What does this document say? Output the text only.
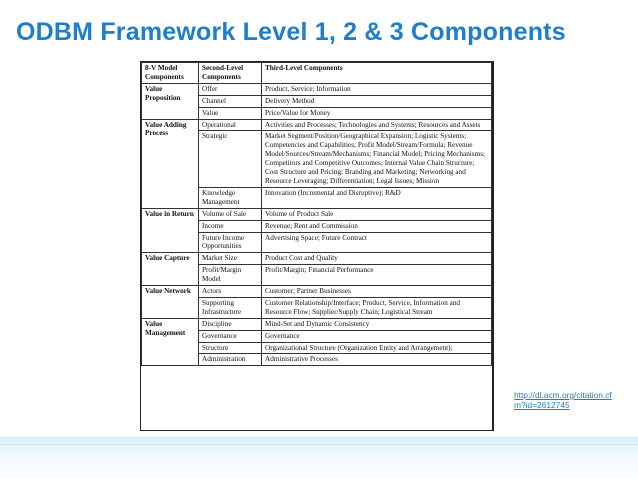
ODBM Framework Level 1, 2 & 3 Components
8-V Model Components	Second-Level Components	Third-Level Components
Value Proposition	Offer	Product, Service; Information
	Channel	Delivery Method
	Value	Price/Value for Money
Value Adding Process	Operational	Activities and Processes; Technologies and Systems; Resources and Assets
	Strategic	Market Segment/Position/Geographical Expansion; Logistic Systems; Competencies and Capabilities; Profit Model/Stream/Formula; Revenue Model/Sources/Stream/Mechanisms; Financial Model; Pricing Mechanisms; Competitors and Competitive Outcomes; Internal Value Chain Structure; Cost Structure and Pricing; Branding and Marketing; Networking and Resource Leveraging; Differentiation; Legal Issues; Mission
	Knowledge Management	Innovation (Incremental and Disruptive); R&D
Value in Return	Volume of Sale	Volume of Product Sale
	Income	Revenue; Rent and Commission
	Future Income Opportunities	Advertising Space; Future Contract
Value Capture	Market Size	Product Cost and Quality
	Profit/Margin Model	Profit/Margin; Financial Performance
Value Network	Actors	Customer; Partner Businesses
	Supporting Infrastructure	Customer Relationship/Interface; Product, Service, Information and Resource Flow; Supplier/Supply Chain; Logistical Stream
Value Management	Discipline	Mind-Set and Dynamic Consistency
	Governance	Governance
	Structure	Organizational Structure (Organization Entity and Arrangement);
	Administration	Administrative Processes
http://dl.acm.org/citation.cfm?id=2612745
